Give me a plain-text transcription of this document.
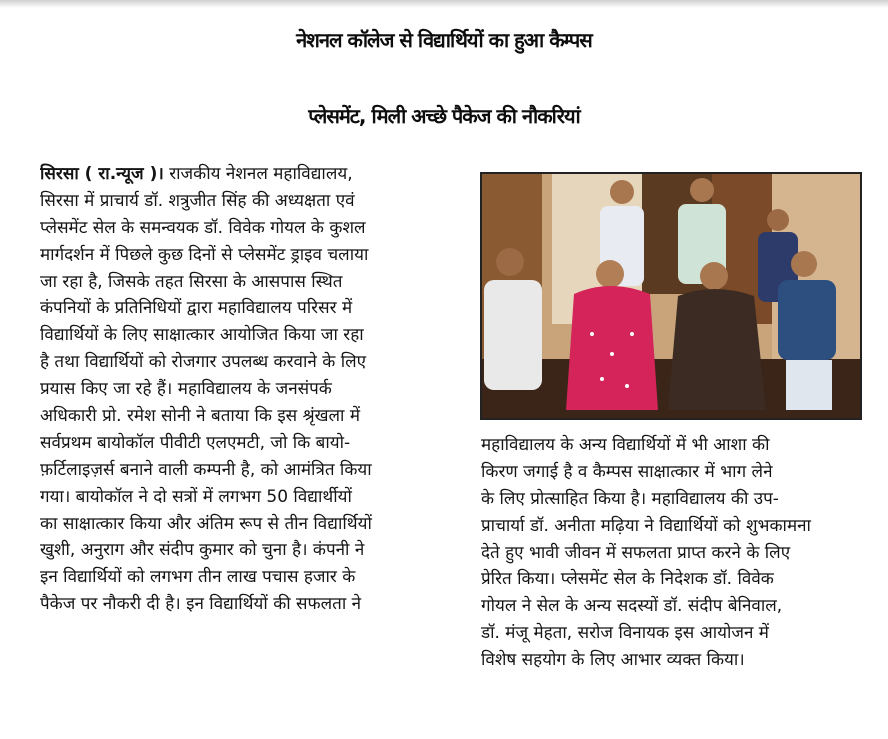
नेशनल कॉलेज से विद्यार्थियों का हुआ कैम्पस
प्लेसमेंट, मिली अच्छे पैकेज की नौकरियां
सिरसा ( रा.न्यूज )। राजकीय नेशनल महाविद्यालय,
सिरसा में प्राचार्य डॉ. शत्रुजीत सिंह की अध्यक्षता एवं
प्लेसमेंट सेल के समन्वयक डॉ. विवेक गोयल के कुशल
मार्गदर्शन में पिछले कुछ दिनों से प्लेसमेंट ड्राइव चलाया
जा रहा है, जिसके तहत सिरसा के आसपास स्थित
कंपनियों के प्रतिनिधियों द्वारा महाविद्यालय परिसर में
विद्यार्थियों के लिए साक्षात्कार आयोजित किया जा रहा
है तथा विद्यार्थियों को रोजगार उपलब्ध करवाने के लिए
प्रयास किए जा रहे हैं। महाविद्यालय के जनसंपर्क
अधिकारी प्रो. रमेश सोनी ने बताया कि इस श्रृंखला में
सर्वप्रथम बायोकॉल पीवीटी एलएमटी, जो कि बायो-
फ़र्टिलाइज़र्स बनाने वाली कम्पनी है, को आमंत्रित किया
गया। बायोकॉल ने दो सत्रों में लगभग 50 विद्यार्थीयों
का साक्षात्कार किया और अंतिम रूप से तीन विद्यार्थियों
खुशी, अनुराग और संदीप कुमार को चुना है। कंपनी ने
इन विद्यार्थियों को लगभग तीन लाख पचास हजार के
पैकेज पर नौकरी दी है। इन विद्यार्थियों की सफलता ने
महाविद्यालय के अन्य विद्यार्थियों में भी आशा की
किरण जगाई है व कैम्पस साक्षात्कार में भाग लेने
के लिए प्रोत्साहित किया है। महाविद्यालय की उप-
प्राचार्या डॉ. अनीता मढ़िया ने विद्यार्थियों को शुभकामना
देते हुए भावी जीवन में सफलता प्राप्त करने के लिए
प्रेरित किया। प्लेसमेंट सेल के निदेशक डॉ. विवेक
गोयल ने सेल के अन्य सदस्यों डॉ. संदीप बेनिवाल,
डॉ. मंजू मेहता, सरोज विनायक इस आयोजन में
विशेष सहयोग के लिए आभार व्यक्त किया।
